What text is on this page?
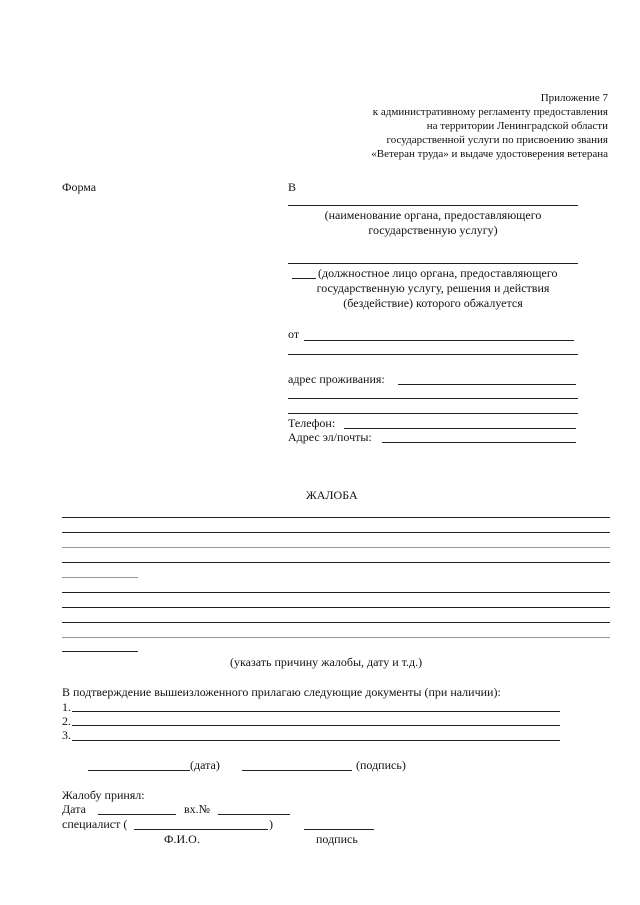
Приложение 7
к административному регламенту предоставления
на территории Ленинградской области
государственной услуги по присвоению звания
«Ветеран труда» и выдаче удостоверения ветерана
Форма	В
(наименование органа, предоставляющего
государственную услугу)
(должностное лицо органа, предоставляющего
государственную услугу, решения и действия
(бездействие) которого обжалуется
от
адрес проживания:
Телефон:
Адрес эл/почты:
ЖАЛОБА
(указать причину жалобы, дату и т.д.)
В подтверждение вышеизложенного прилагаю следующие документы (при наличии):
1.
2.
3.
(дата)	(подпись)
Жалобу принял:
Дата	вх.№
специалист (	)
Ф.И.О.	подпись
